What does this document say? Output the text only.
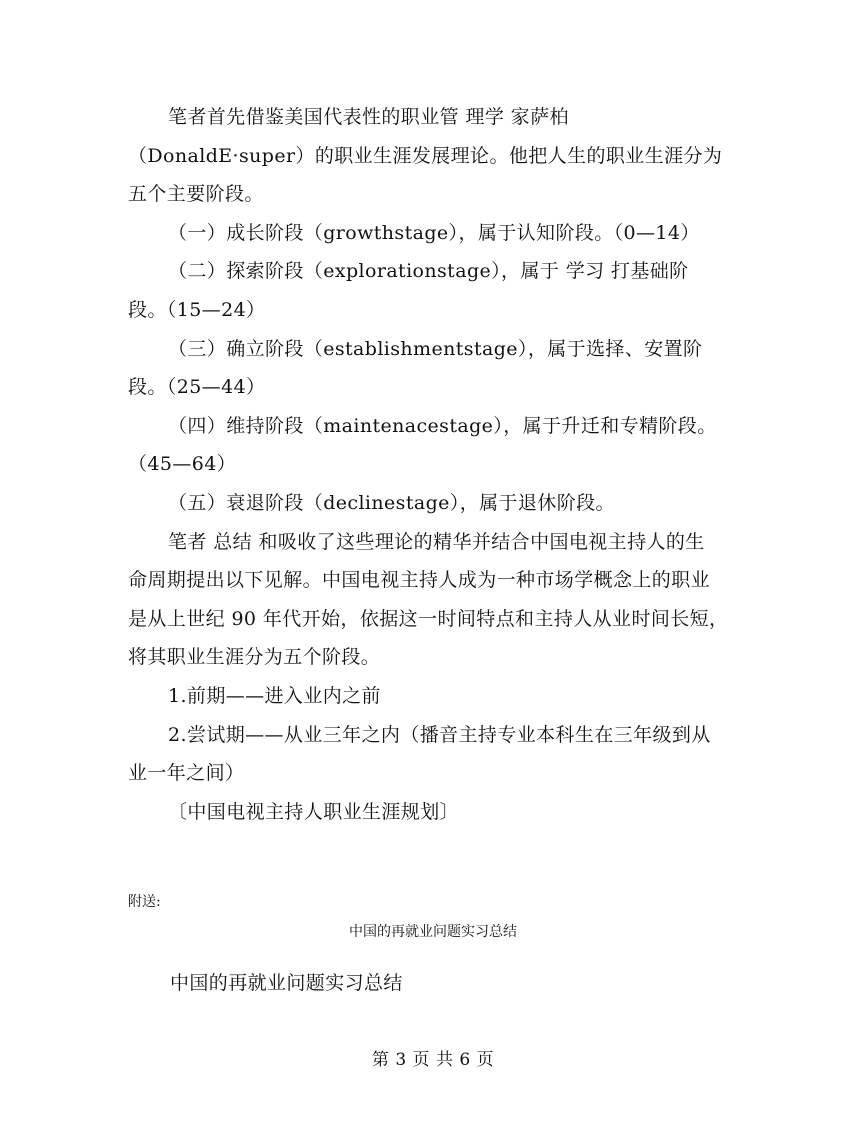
笔者首先借鉴美国代表性的职业管 理学 家萨柏
（DonaldE·super）的职业生涯发展理论。他把人生的职业生涯分为
五个主要阶段。
（一）成长阶段（growthstage），属于认知阶段。（0—14）
（二）探索阶段（explorationstage），属于 学习 打基础阶
段。（15—24）
（三）确立阶段（establishmentstage），属于选择、安置阶
段。（25—44）
（四）维持阶段（maintenacestage），属于升迁和专精阶段。
（45—64）
（五）衰退阶段（declinestage），属于退休阶段。
笔者 总结 和吸收了这些理论的精华并结合中国电视主持人的生
命周期提出以下见解。中国电视主持人成为一种市场学概念上的职业
是从上世纪 90 年代开始，依据这一时间特点和主持人从业时间长短，
将其职业生涯分为五个阶段。
1.前期——进入业内之前
2.尝试期——从业三年之内（播音主持专业本科生在三年级到从
业一年之间）
〔中国电视主持人职业生涯规划〕
附送:
中国的再就业问题实习总结
中国的再就业问题实习总结
第 3 页 共 6 页
